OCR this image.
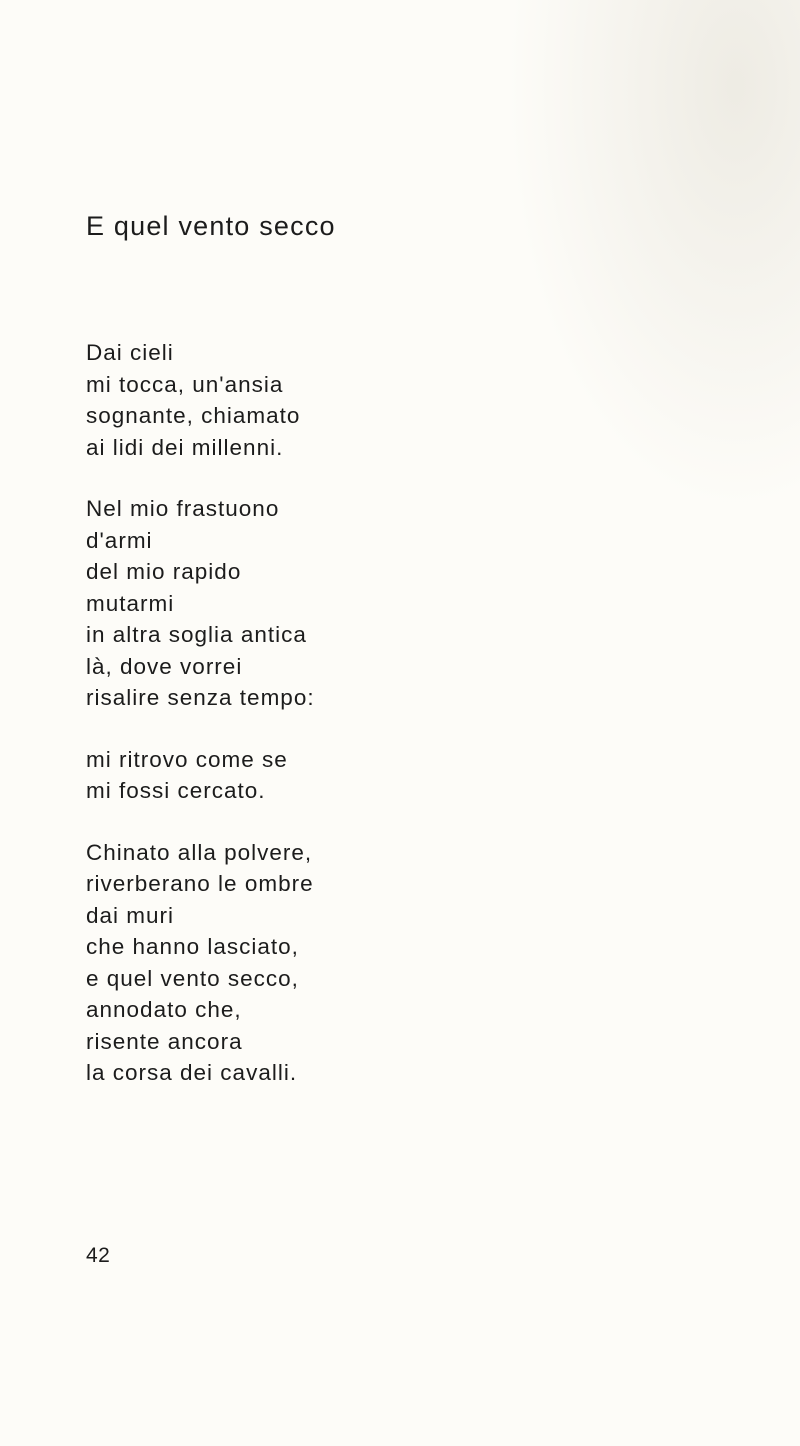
E quel vento secco
Dai cieli
mi tocca, un'ansia
sognante, chiamato
ai lidi dei millenni.
Nel mio frastuono
d'armi
del mio rapido
mutarmi
in altra soglia antica
là, dove vorrei
risalire senza tempo:
mi ritrovo come se
mi fossi cercato.
Chinato alla polvere,
riverberano le ombre
dai muri
che hanno lasciato,
e quel vento secco,
annodato che,
risente ancora
la corsa dei cavalli.
42
